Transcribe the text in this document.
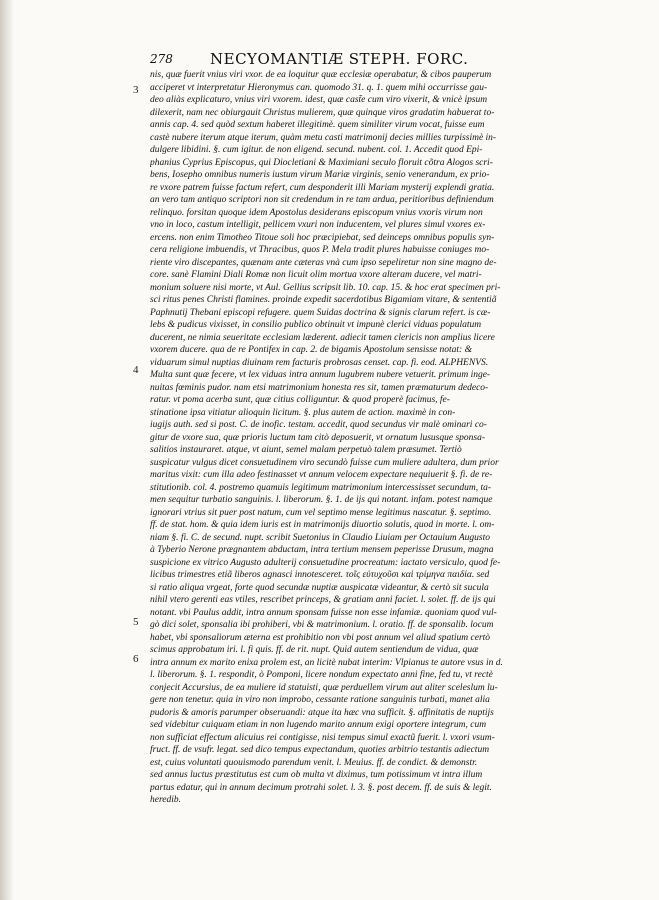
278 NECYOMANTIÆ STEPH. FORC.
3
4
5
6
nis, quæ fuerit vnius viri vxor. de ea loquitur quæ ecclesiæ operabatur, & cibos pauperum
acciperet vt interpretatur Hieronymus can. quomodo 31. q. 1. quem mihi occurrisse gau-
deo aliàs explicaturo, vnius viri vxorem. idest, quæ cast̃e cum viro vixerit, & vnicè ipsum
dilexerit, nam nec obiurgauit Christus mulierem, quæ quinque viros gradatim habuerat to-
annis cap. 4. sed quòd sextum haberet illegitimè. quem similiter virum vocat, fuisse eum
castè nubere iterum atque iterum, quàm metu casti matrimonij decies millies turpissimè in-
dulgere libidini. §. cum igitur. de non eligend. secund. nubent. col. 1. Accedit quod Epi-
phanius Cyprius Episcopus, qui Diocletiani & Maximiani seculo floruit cõtra Alogos scri-
bens, Iosepho omnibus numeris iustum virum Mariæ virginis, senio venerandum, ex prio-
re vxore patrem fuisse factum refert, cum desponderit illi Mariam mysterij explendi gratia.
an vero tam antiquo scriptori non sit credendum in re tam ardua, peritioribus definiendum
relinquo. forsitan quoque idem Apostolus desiderans episcopum vnius vxoris virum non
vno in loco, castum intelligit, pellicem vxuri non inducentem, vel plures simul vxores ex-
ercens. non enim Timotheo Titoue soli hoc præcipiebat, sed deinceps omnibus populis syn-
cera religione imbuendis, vt Thracibus, quos P. Mela tradit plures habuisse coniuges mo-
riente viro discepantes, quænam ante cæteras vnà cum ipso sepeliretur non sine magno de-
core. sanè Flamini Diali Romæ non licuit olim mortua vxore alteram ducere, vel matri-
monium soluere nisi morte, vt Aul. Gellius scripsit lib. 10. cap. 15. & hoc erat specimen pri-
sci ritus penes Christi flamines. proinde expedit sacerdotibus Bigamiam vitare, & sententiã
Paphnutij Thebani episcopi refugere. quem Suidas doctrina & signis clarum refert. is cæ-
lebs & pudicus vixisset, in consilio publico obtinuit vt impunè clerici viduas populatum
ducerent, ne nimia seueritate ecclesiam læderent. adiecit tamen clericis non amplius licere
vxorem ducere. qua de re Pontifex in cap. 2. de bigamis Apostolum sensisse notat: &
viduarum simul nuptias diuinam rem facturis probrosas censet. cap. fi. eod. ALPHENVS.
Multa sunt quæ fecere, vt lex viduas intra annum lugubrem nubere vetuerit. primum inge-
nuitas fœminis pudor. nam etsi matrimonium honesta res sit, tamen præmaturum dedeco-
ratur. vt poma acerba sunt, quæ citius colliguntur. & quod properè facimus, fe-
stinatione ipsa vitiatur alioquin licitum. §. plus autem de action. maximè in con-
iugijs auth. sed si post. C. de inofic. testam. accedit, quod secundus vir malè ominari co-
gitur de vxore sua, quæ prioris luctum tam citò deposuerit, vt ornatum lususque sponsa-
salitios instauraret. atque, vt aiunt, semel malam perpetuò talem præsumet. Tertiò
suspicatur vulgus dicet consuetudinem viro secundò fuisse cum muliere adultera, dum prior
maritus vixit: cum illa adeo festinasset vt annum velocem expectare nequiuerit §. fi. de re-
stitutionib. col. 4. postremo quamuis legitimum matrimonium intercessisset secundum, ta-
men sequitur turbatio sanguinis. l. liberorum. §. 1. de ijs qui notant. infam. potest namque
ignorari vtrius sit puer post natum, cum vel septimo mense legitimus nascatur. §. septimo.
ff. de stat. hom. & quia idem iuris est in matrimonijs diuortio solutis, quod in morte. l. om-
niam §. fi. C. de secund. nupt. scribit Suetonius in Claudio Liuiam per Octauium Augusto
à Tyberio Nerone prægnantem abductam, intra tertium mensem peperisse Drusum, magna
suspicione ex vitrico Augusto adulterij consuetudine procreatum: iactato versiculo, quod fe-
licibus trimestres etiã liberos agnasci innotesceret. τοῖς εὐτυχοῦσι καὶ τρίμηνα παιδία. sed
si ratio aliqua vrgeat, forte quod secundæ nuptiæ auspicatæ videantur, & certò sit sucula
nihil vtero gerenti eas vtiles, rescribet princeps, & gratiam anni faciet. l. solet. ff. de ijs qui
notant. vbi Paulus addit, intra annum sponsam fuisse non esse infamiæ. quoniam quod vul-
gò dici solet, sponsalia ibi prohiberi, vbi & matrimonium. l. oratio. ff. de sponsalib. locum
habet, vbi sponsaliorum æterna est prohibitio non vbi post annum vel aliud spatium certò
scimus approbatum iri. l. fi quis. ff. de rit. nupt. Quid autem sentiendum de vidua, quæ
intra annum ex marito enixa prolem est, an licitè nubat interim: Vlpianus te autore vsus in d.
l. liberorum. §. 1. respondit, ò Pomponi, licere nondum expectato anni fine, fed tu, vt rectè
conjecit Accursius, de ea muliere id statuisti, quæ perduellem virum aut aliter sceleslum lu-
gere non tenetur. quia in viro non improbo, cessante ratione sanguinis turbati, manet alia
pudoris & amoris parumper obseruandi: atque ita hæc vna sufficit. §. affinitatis de nuptijs
sed videbitur cuiquam etiam in non lugendo marito annum exigi oportere integrum, cum
non sufficiat effectum alicuius rei contigisse, nisi tempus simul exactũ fuerit. l. vxori vsum-
fruct. ff. de vsufr. legat. sed dico tempus expectandum, quoties arbitrio testantis adiectum
est, cuius voluntati quouismodo parendum venit. l. Meuius. ff. de condict. & demonstr.
sed annus luctus præstitutus est cum ob multa vt diximus, tum potissimum vt intra illum
partus edatur, qui in annum decimum protrahi solet. l. 3. §. post decem. ff. de suis & legit.
heredib.
